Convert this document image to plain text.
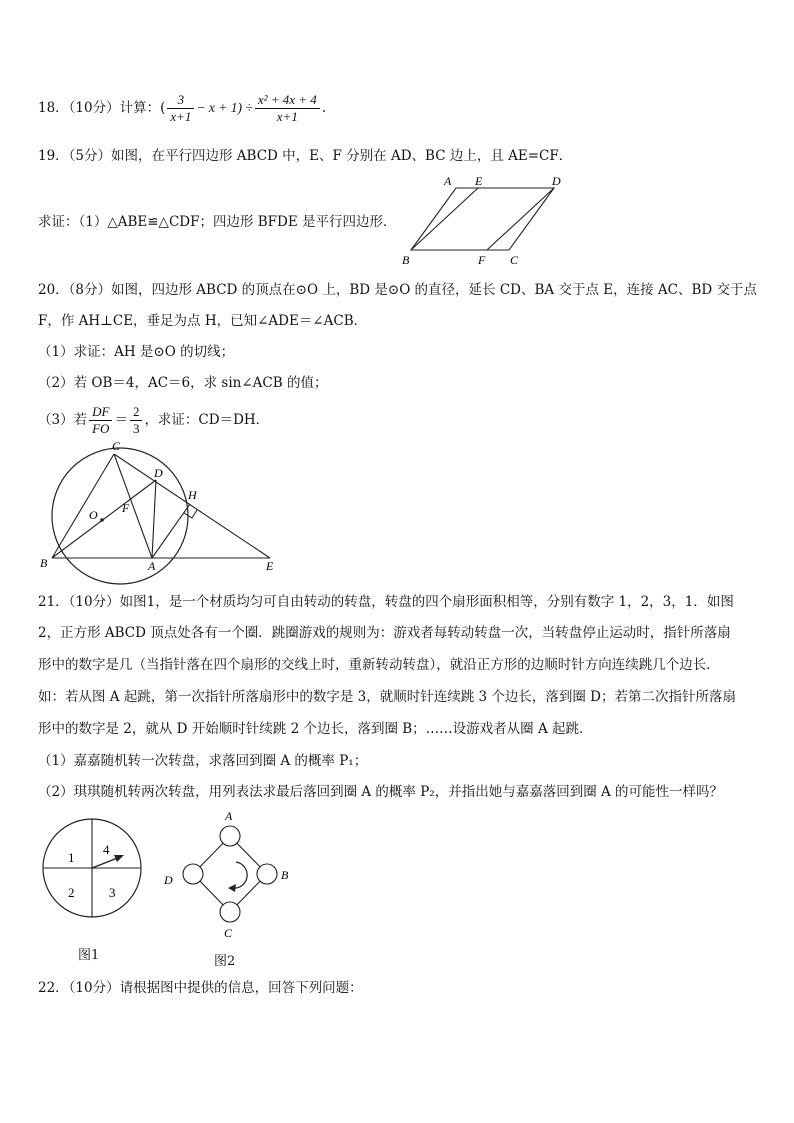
18．（10分）计算：( $\frac{3}{x+1} - x + 1) \div \frac{\text{x² + 4x + 4}}{x+1}$ .
19．（5分）如图，在平行四边形 ABCD 中，E、F 分别在 AD、BC 边上，且 AE=CF．
求证：（1）△ABE≌△CDF；四边形 BFDE 是平行四边形．
A E	D
B	F C
20．（8分）如图，四边形 ABCD 的顶点在⊙O 上，BD 是⊙O 的直径，延长 CD、BA 交于点 E，连接 AC、BD 交于点
F，作 AH⊥CE，垂足为点 H，已知∠ADE＝∠ACB．
（1）求证：AH 是⊙O 的切线；
（2）若 OB＝4，AC＝6，求 sin∠ACB 的值；
（3）若 $\frac{DF}{FO} = \frac{2}{3}$ ，求证：CD＝DH．
C
D
H
O F
B	A	E
21．（10分）如图1，是一个材质均匀可自由转动的转盘，转盘的四个扇形面积相等，分别有数字 1，2，3，1．如图
2，正方形 ABCD 顶点处各有一个圈．跳圈游戏的规则为：游戏者每转动转盘一次，当转盘停止运动时，指针所落扇
形中的数字是几（当指针落在四个扇形的交线上时，重新转动转盘），就沿正方形的边顺时针方向连续跳几个边长．
如：若从图 A 起跳，第一次指针所落扇形中的数字是 3，就顺时针连续跳 3 个边长，落到圈 D；若第二次指针所落扇
形中的数字是 2，就从 D 开始顺时针续跳 2 个边长，落到圈 B；……设游戏者从圈 A 起跳．
（1）嘉嘉随机转一次转盘，求落回到圈 A 的概率 P₁；
（2）琪琪随机转两次转盘，用列表法求最后落回到圈 A 的概率 P₂，并指出她与嘉嘉落回到圈 A 的可能性一样吗？
1
4
2	3
图1
A
B
C
D
图2
22．（10分）请根据图中提供的信息，回答下列问题：
